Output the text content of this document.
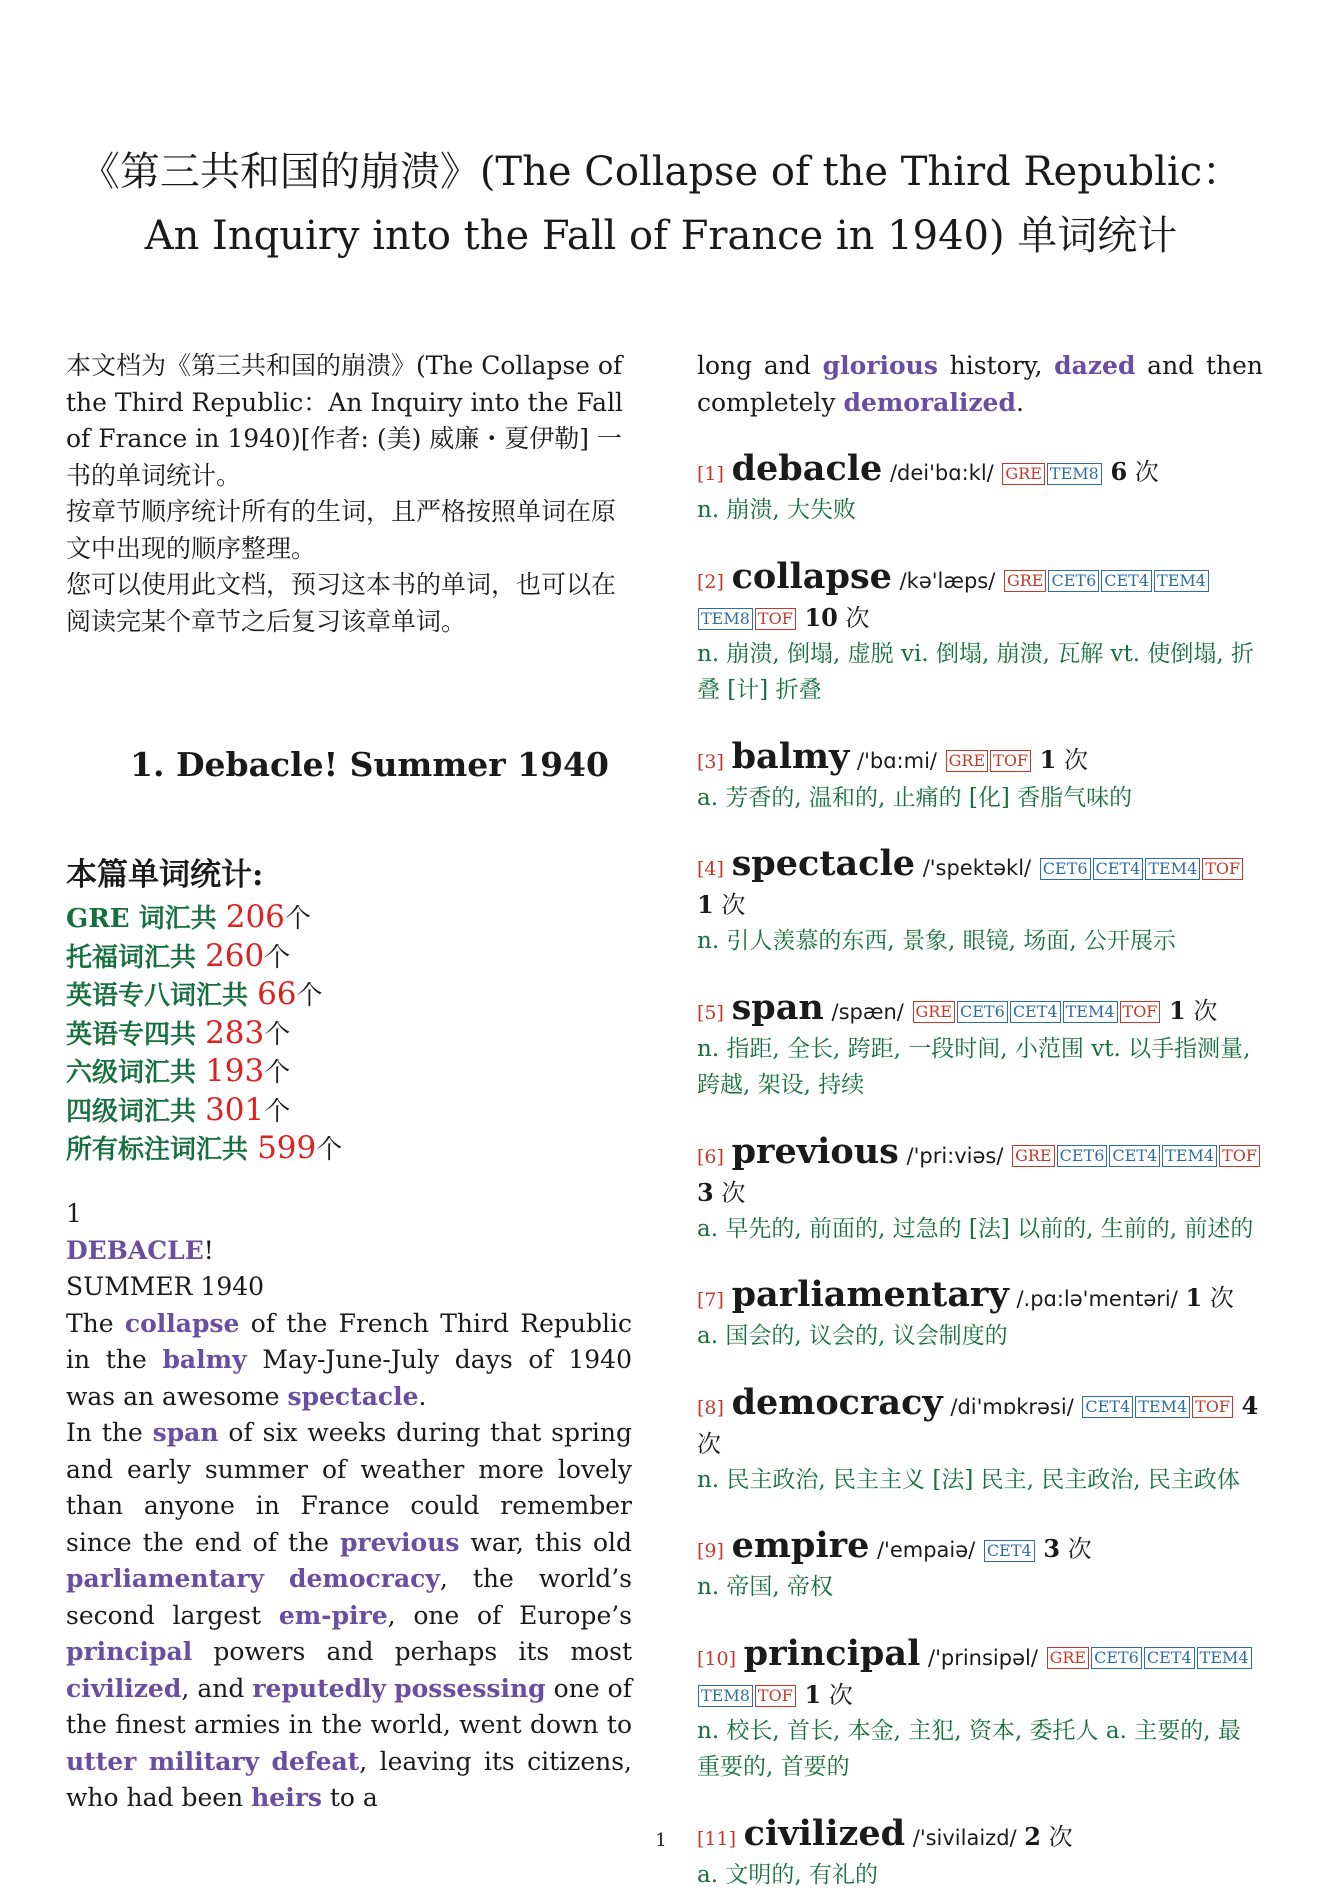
《第三共和国的崩溃》(The Collapse of the Third Republic：An Inquiry into the Fall of France in 1940) 单词统计

本文档为《第三共和国的崩溃》(The Collapse of the Third Republic：An Inquiry into the Fall of France in 1940)[作者: (美) 威廉・夏伊勒] 一书的单词统计。

按章节顺序统计所有的生词，且严格按照单词在原文中出现的顺序整理。

您可以使用此文档，预习这本书的单词，也可以在阅读完某个章节之后复习该章单词。

1. Debacle! Summer 1940
本篇单词统计:
GRE 词汇共 206个
托福词汇共 260个
英语专八词汇共 66个
英语专四共 283个
六级词汇共 193个
四级词汇共 301个
所有标注词汇共 599个

1

DEBACLE!

SUMMER 1940

The collapse of the French Third Republic in the balmy May-June-July days of 1940 was an awesome spectacle.

In the span of six weeks during that spring and early summer of weather more lovely than anyone in France could remember since the end of the previous war, this old parliamentary democracy, the world’s second largest em-pire, one of Europe’s principal powers and perhaps its most civilized, and reputedly possessing one of the finest armies in the world, went down to utter military defeat, leaving its citizens, who had been heirs to a

long and glorious history, dazed and then completely demoralized.

[1] debacle /dei'bɑ:kl/ GRE TEM8 6 次
n. 崩溃, 大失败
[2] collapse /kə'læps/ GRE CET6 CET4 TEM4TEM8 TOF 10 次
n. 崩溃, 倒塌, 虚脱 vi. 倒塌, 崩溃, 瓦解 vt. 使倒塌, 折叠 [计] 折叠
[3] balmy /'bɑ:mi/ GRE TOF 1 次
a. 芳香的, 温和的, 止痛的 [化] 香脂气味的
[4] spectacle /'spektəkl/ CET6 CET4 TEM4 TOF 1 次
n. 引人羡慕的东西, 景象, 眼镜, 场面, 公开展示
[5] span /spæn/ GRE CET6 CET4 TEM4 TOF 1 次
n. 指距, 全长, 跨距, 一段时间, 小范围 vt. 以手指测量, 跨越, 架设, 持续
[6] previous /'pri:viəs/ GRE CET6 CET4 TEM4 TOF 3 次
a. 早先的, 前面的, 过急的 [法] 以前的, 生前的, 前述的
[7] parliamentary /.pɑ:lə'mentəri/ 1 次
a. 国会的, 议会的, 议会制度的
[8] democracy /di'mɒkrəsi/ CET4 TEM4 TOF 4 次
n. 民主政治, 民主主义 [法] 民主, 民主政治, 民主政体
[9] empire /'empaiə/ CET4 3 次
n. 帝国, 帝权
[10] principal /'prinsipəl/ GRE CET6 CET4 TEM4TEM8 TOF 1 次
n. 校长, 首长, 本金, 主犯, 资本, 委托人 a. 主要的, 最重要的, 首要的
[11] civilized /'sivilaizd/ 2 次
a. 文明的, 有礼的
1
